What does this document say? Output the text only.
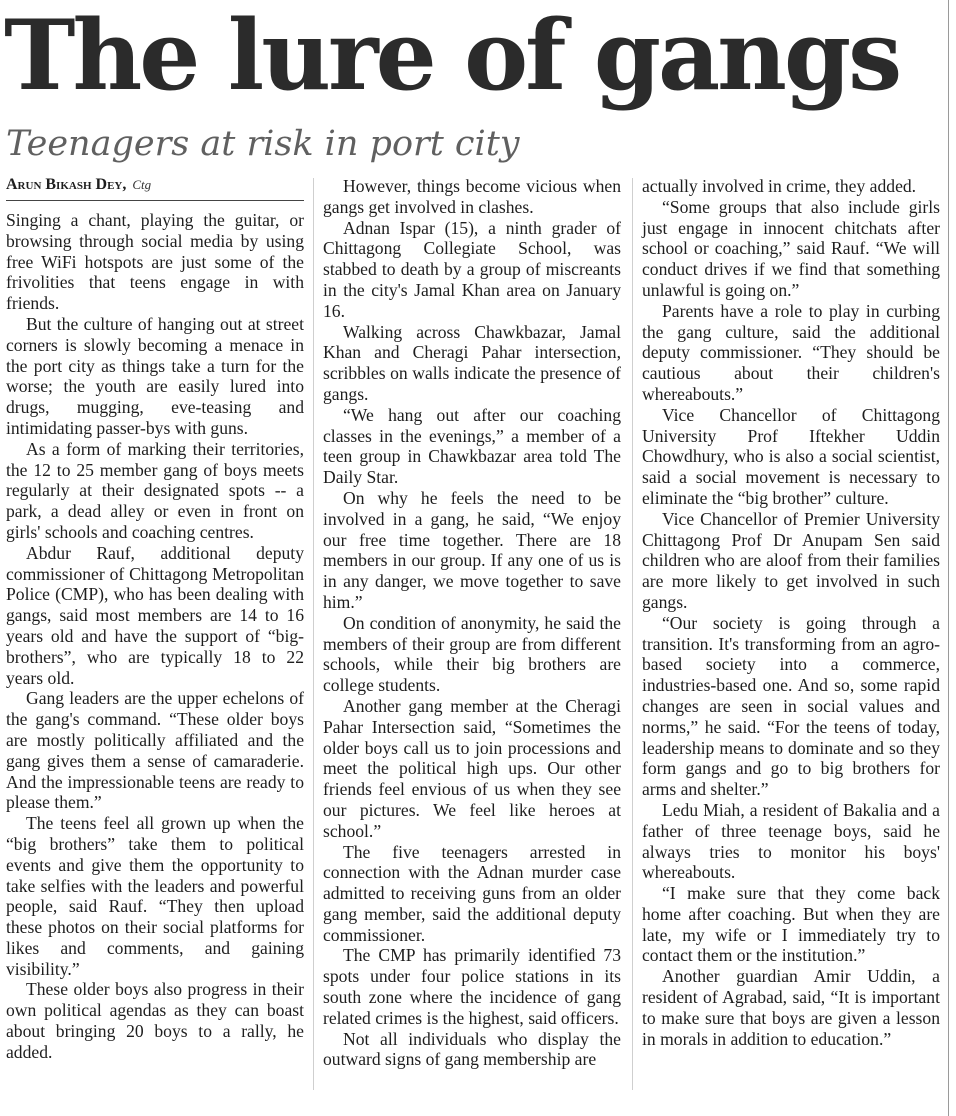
The lure of gangs
Teenagers at risk in port city
Arun Bikash Dey, Ctg

Singing a chant, playing the guitar, or browsing through social media by using free WiFi hotspots are just some of the frivolities that teens engage in with friends.

But the culture of hanging out at street corners is slowly becoming a menace in the port city as things take a turn for the worse; the youth are easily lured into drugs, mugging, eve-teasing and intimidating passer-bys with guns.

As a form of marking their territories, the 12 to 25 member gang of boys meets regularly at their designated spots -- a park, a dead alley or even in front on girls' schools and coaching centres.

Abdur Rauf, additional deputy commissioner of Chittagong Metropolitan Police (CMP), who has been dealing with gangs, said most members are 14 to 16 years old and have the support of “big-brothers”, who are typically 18 to 22 years old.

Gang leaders are the upper echelons of the gang's command. “These older boys are mostly politically affiliated and the gang gives them a sense of camaraderie. And the impressionable teens are ready to please them.”

The teens feel all grown up when the “big brothers” take them to political events and give them the opportunity to take selfies with the leaders and powerful people, said Rauf. “They then upload these photos on their social platforms for likes and comments, and gaining visibility.”

These older boys also progress in their own political agendas as they can boast about bringing 20 boys to a rally, he added.

However, things become vicious when gangs get involved in clashes.

Adnan Ispar (15), a ninth grader of Chittagong Collegiate School, was stabbed to death by a group of miscreants in the city's Jamal Khan area on January 16.

Walking across Chawkbazar, Jamal Khan and Cheragi Pahar intersection, scribbles on walls indicate the presence of gangs.

“We hang out after our coaching classes in the evenings,” a member of a teen group in Chawkbazar area told The Daily Star.

On why he feels the need to be involved in a gang, he said, “We enjoy our free time together. There are 18 members in our group. If any one of us is in any danger, we move together to save him.”

On condition of anonymity, he said the members of their group are from different schools, while their big brothers are college students.

Another gang member at the Cheragi Pahar Intersection said, “Sometimes the older boys call us to join processions and meet the political high ups. Our other friends feel envious of us when they see our pictures. We feel like heroes at school.”

The five teenagers arrested in connection with the Adnan murder case admitted to receiving guns from an older gang member, said the additional deputy commissioner.

The CMP has primarily identified 73 spots under four police stations in its south zone where the incidence of gang related crimes is the highest, said officers.

Not all individuals who display the outward signs of gang membership are

actually involved in crime, they added.

“Some groups that also include girls just engage in innocent chitchats after school or coaching,” said Rauf. “We will conduct drives if we find that something unlawful is going on.”

Parents have a role to play in curbing the gang culture, said the additional deputy commissioner. “They should be cautious about their children's whereabouts.”

Vice Chancellor of Chittagong University Prof Iftekher Uddin Chowdhury, who is also a social scientist, said a social movement is necessary to eliminate the “big brother” culture.

Vice Chancellor of Premier University Chittagong Prof Dr Anupam Sen said children who are aloof from their families are more likely to get involved in such gangs.

“Our society is going through a transition. It's transforming from an agro-based society into a commerce, industries-based one. And so, some rapid changes are seen in social values and norms,” he said. “For the teens of today, leadership means to dominate and so they form gangs and go to big brothers for arms and shelter.”

Ledu Miah, a resident of Bakalia and a father of three teenage boys, said he always tries to monitor his boys' whereabouts.

“I make sure that they come back home after coaching. But when they are late, my wife or I immediately try to contact them or the institution.”

Another guardian Amir Uddin, a resident of Agrabad, said, “It is important to make sure that boys are given a lesson in morals in addition to education.”
